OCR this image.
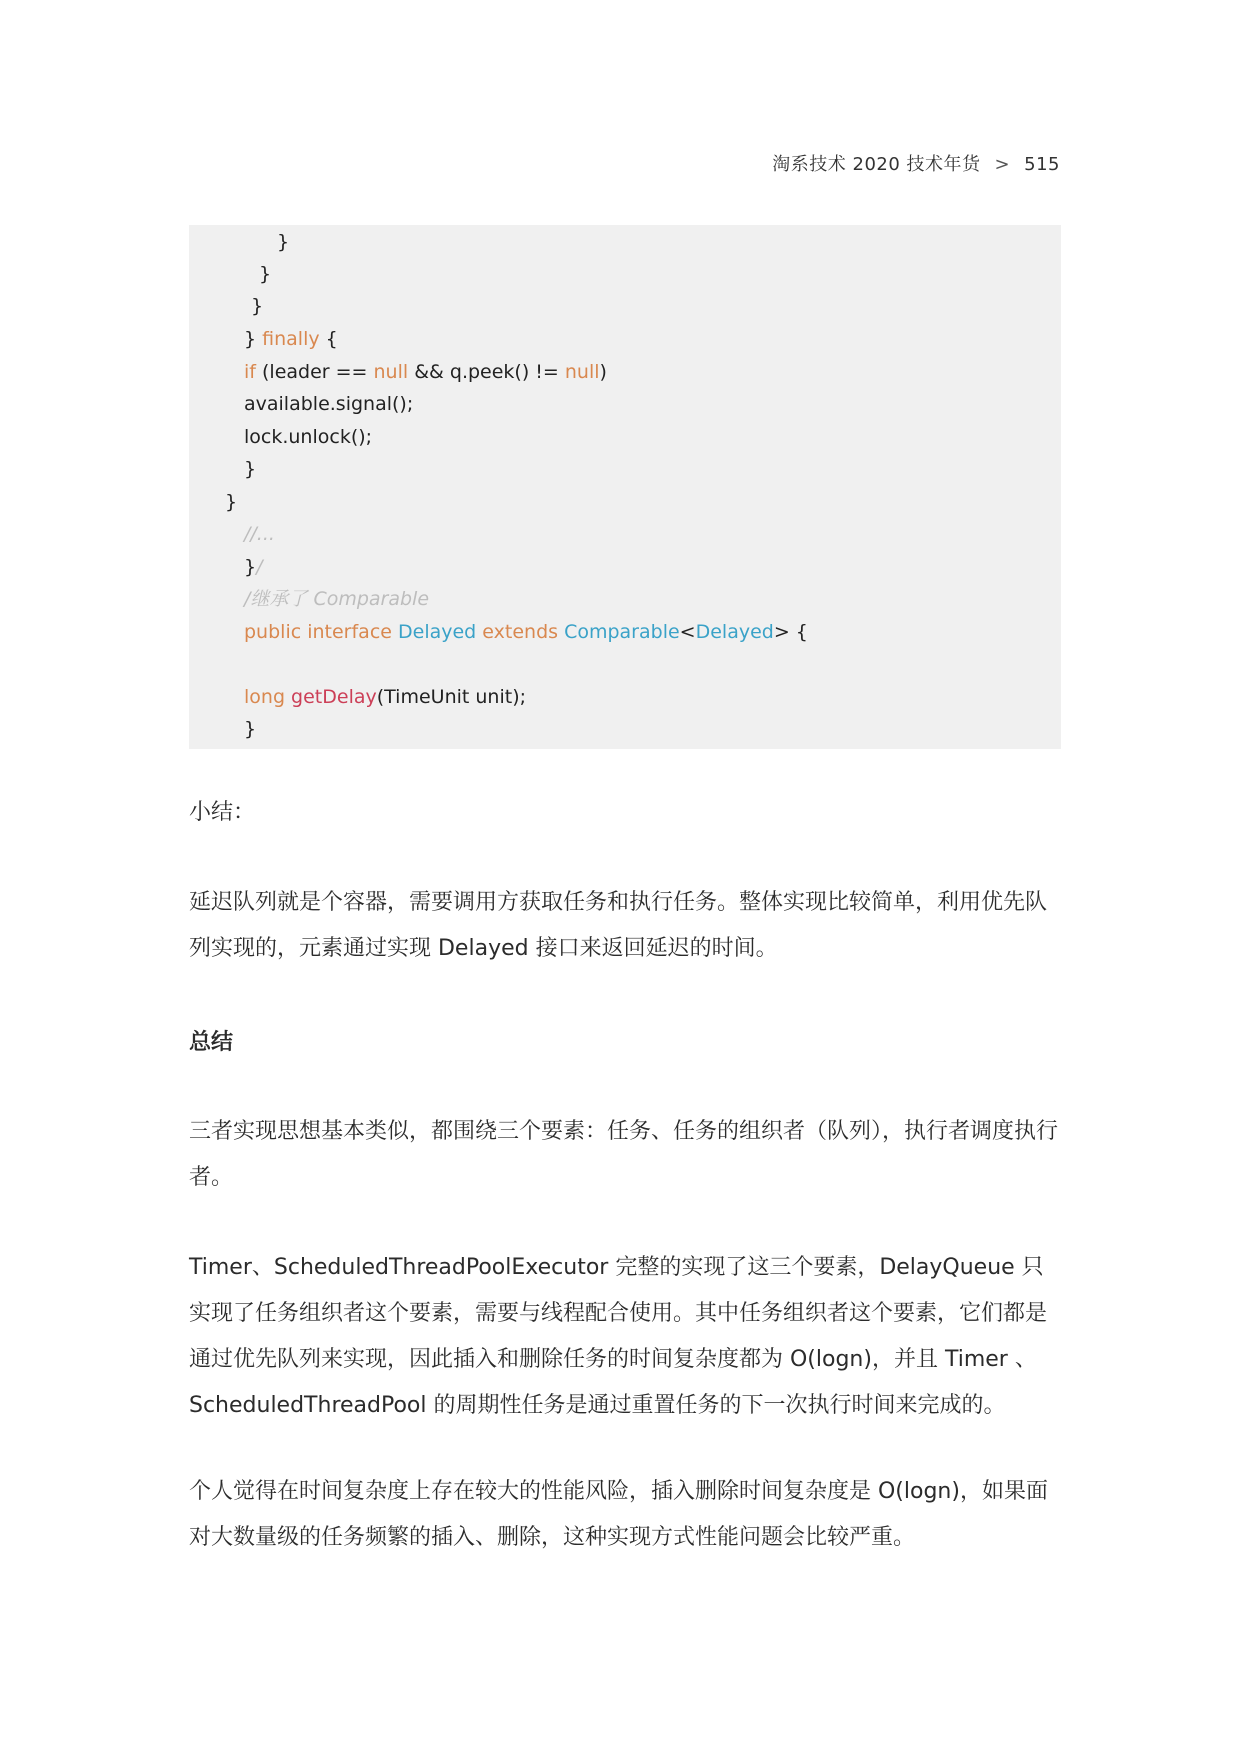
淘系技术 2020 技术年货 > 515
}
}
}
} finally {
if (leader == null && q.peek() != null)
available.signal();
lock.unlock();
}
}
//...
}/
/继承了 Comparable
public interface Delayed extends Comparable<Delayed> {
long getDelay(TimeUnit unit);
}
小结：
延迟队列就是个容器，需要调用方获取任务和执行任务。整体实现比较简单，利用优先队列实现的，元素通过实现 Delayed 接口来返回延迟的时间。
总结
三者实现思想基本类似，都围绕三个要素：任务、任务的组织者（队列），执行者调度执行者。
Timer、ScheduledThreadPoolExecutor 完整的实现了这三个要素，DelayQueue 只实现了任务组织者这个要素，需要与线程配合使用。其中任务组织者这个要素，它们都是通过优先队列来实现，因此插入和删除任务的时间复杂度都为 O(logn)，并且 Timer 、ScheduledThreadPool 的周期性任务是通过重置任务的下一次执行时间来完成的。
个人觉得在时间复杂度上存在较大的性能风险，插入删除时间复杂度是 O(logn)，如果面对大数量级的任务频繁的插入、删除，这种实现方式性能问题会比较严重。
